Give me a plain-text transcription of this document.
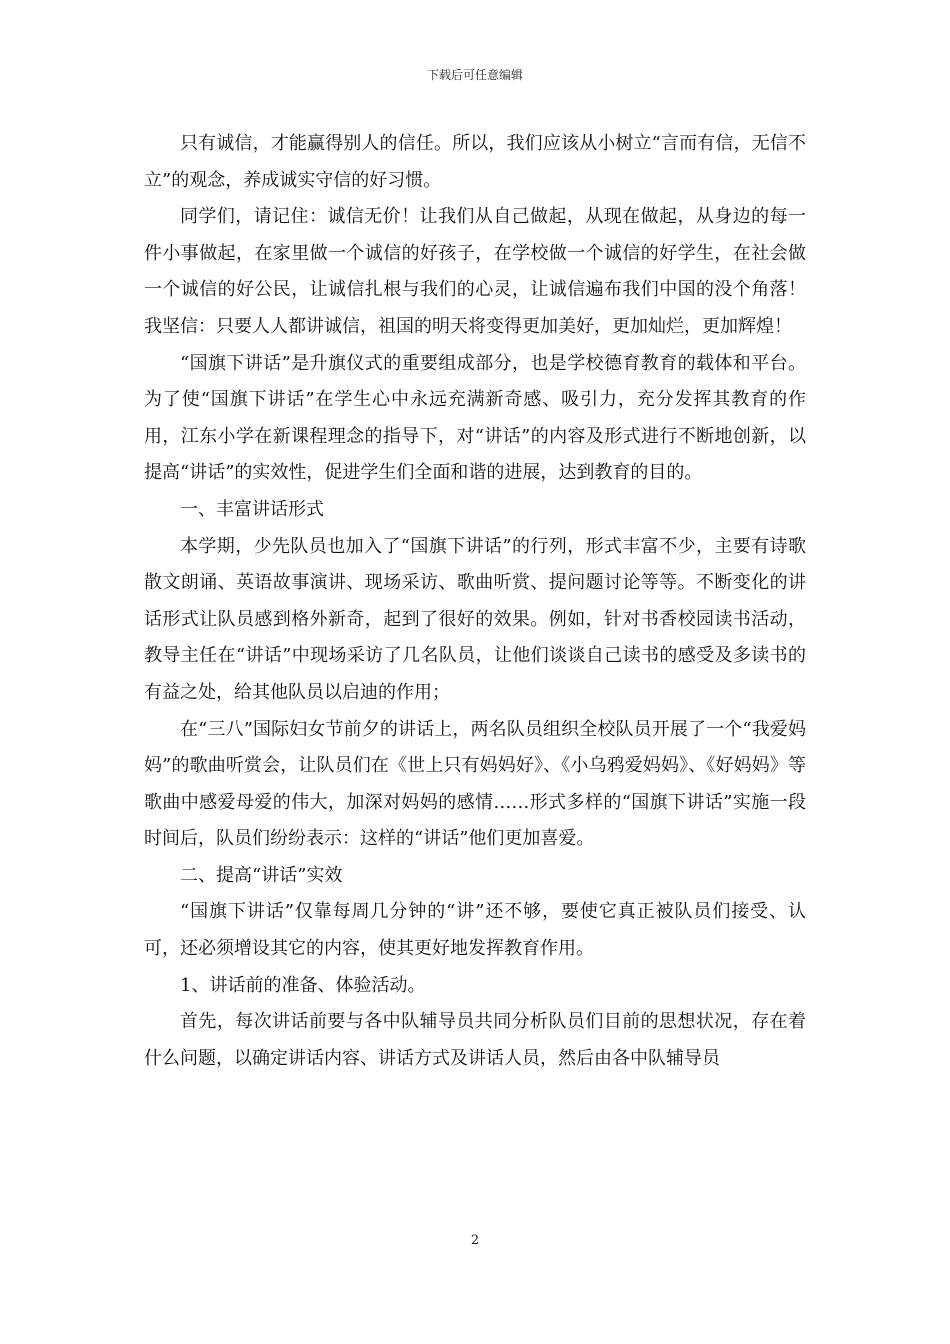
下载后可任意编辑

只有诚信，才能赢得别人的信任。所以，我们应该从小树立“言而有信，无信不立”的观念，养成诚实守信的好习惯。

同学们，请记住：诚信无价！让我们从自己做起，从现在做起，从身边的每一件小事做起，在家里做一个诚信的好孩子，在学校做一个诚信的好学生，在社会做一个诚信的好公民，让诚信扎根与我们的心灵，让诚信遍布我们中国的没个角落！我坚信：只要人人都讲诚信，祖国的明天将变得更加美好，更加灿烂，更加辉煌！

“国旗下讲话”是升旗仪式的重要组成部分，也是学校德育教育的载体和平台。为了使“国旗下讲话”在学生心中永远充满新奇感、吸引力，充分发挥其教育的作用，江东小学在新课程理念的指导下，对“讲话”的内容及形式进行不断地创新，以提高“讲话”的实效性，促进学生们全面和谐的进展，达到教育的目的。

一、丰富讲话形式

本学期，少先队员也加入了“国旗下讲话”的行列，形式丰富不少，主要有诗歌散文朗诵、英语故事演讲、现场采访、歌曲听赏、提问题讨论等等。不断变化的讲话形式让队员感到格外新奇，起到了很好的效果。例如，针对书香校园读书活动，教导主任在“讲话”中现场采访了几名队员，让他们谈谈自己读书的感受及多读书的有益之处，给其他队员以启迪的作用；

在“三八”国际妇女节前夕的讲话上，两名队员组织全校队员开展了一个“我爱妈妈”的歌曲听赏会，让队员们在《世上只有妈妈好》、《小乌鸦爱妈妈》、《好妈妈》等歌曲中感爱母爱的伟大，加深对妈妈的感情……形式多样的“国旗下讲话”实施一段时间后，队员们纷纷表示：这样的“讲话”他们更加喜爱。

二、提高“讲话”实效

“国旗下讲话”仅靠每周几分钟的“讲”还不够，要使它真正被队员们接受、认可，还必须增设其它的内容，使其更好地发挥教育作用。

1、讲话前的准备、体验活动。

首先，每次讲话前要与各中队辅导员共同分析队员们目前的思想状况，存在着什么问题，以确定讲话内容、讲话方式及讲话人员，然后由各中队辅导员

2
